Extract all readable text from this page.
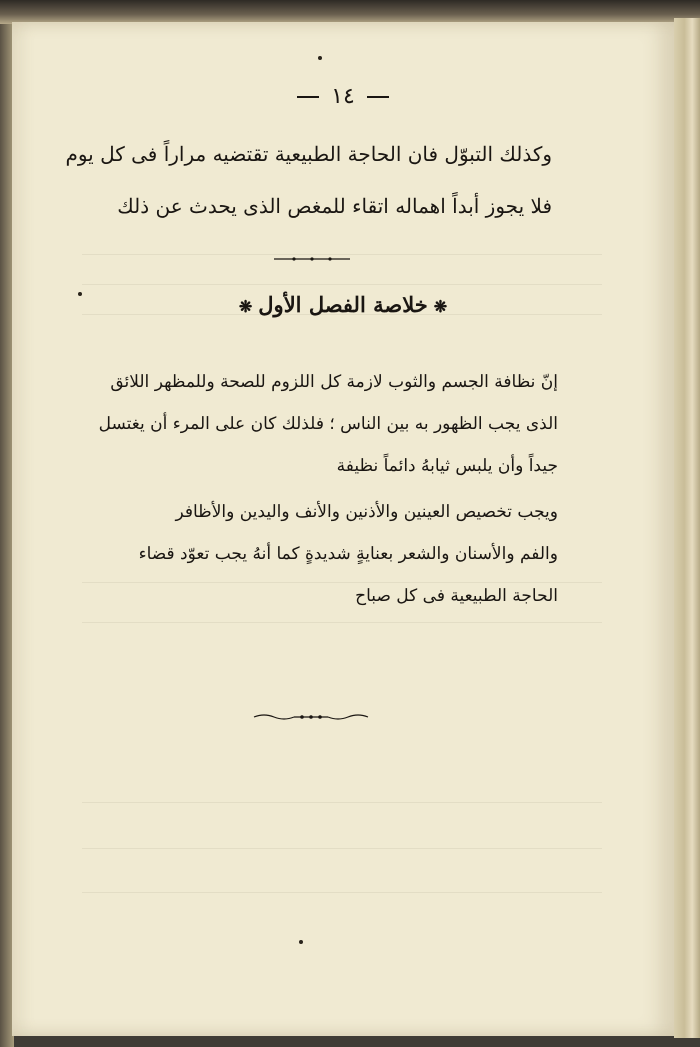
١٤
وكذلك التبوّل فان الحاجة الطبيعية تقتضيه مراراً فى كل يوم
فلا يجوز أبداً اهماله اتقاء للمغص الذى يحدث عن ذلك
❋خلاصة الفصل الأول❋
إنّ نظافة الجسم والثوب لازمة كل اللزوم للصحة وللمظهر اللائق
الذى يجب الظهور به بين الناس ؛ فلذلك كان على المرء أن يغتسل
جيداً وأن يلبس ثيابهُ دائماً نظيفة
ويجب تخصيص العينين والأذنين والأنف واليدين والأظافر
والفم والأسنان والشعر بعنايةٍ شديدةٍ كما أنهُ يجب تعوّد قضاء
الحاجة الطبيعية فى كل صباح
